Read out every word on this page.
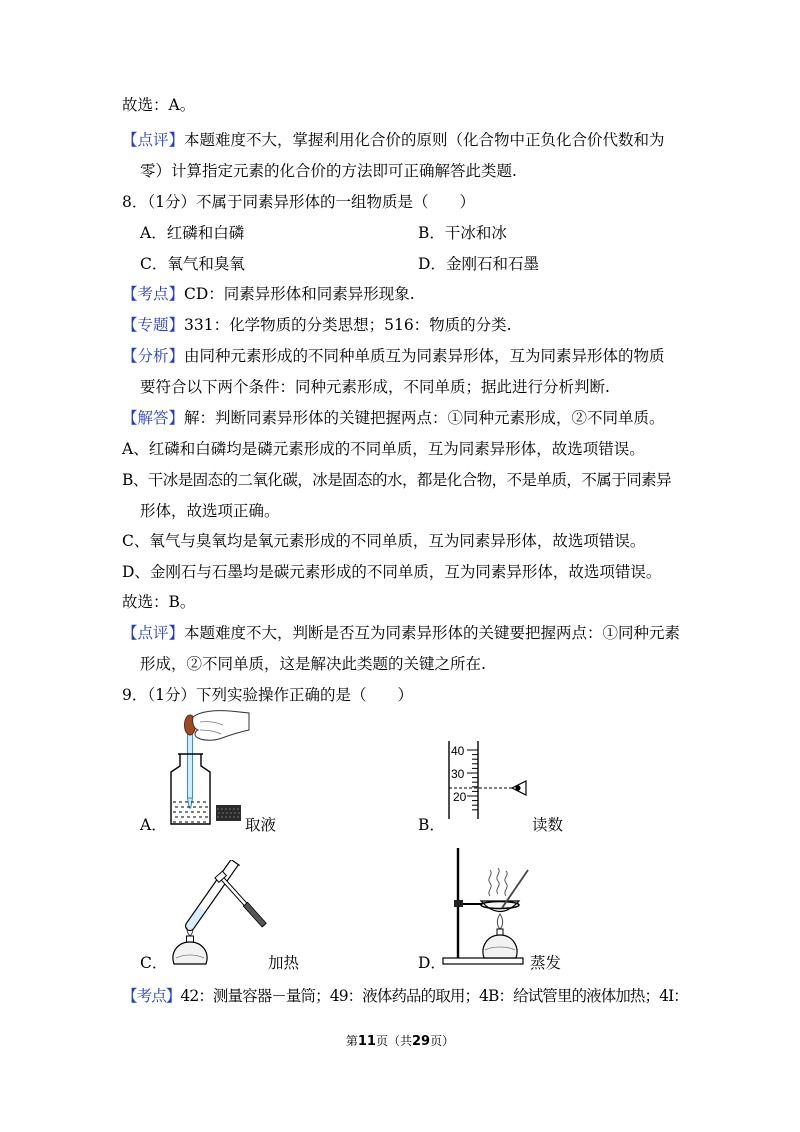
故选：A。
【点评】本题难度不大，掌握利用化合价的原则（化合物中正负化合价代数和为
零）计算指定元素的化合价的方法即可正确解答此类题.
8．（1分）不属于同素异形体的一组物质是（　　）
A．红磷和白磷	B．干冰和冰
C．氧气和臭氧	D．金刚石和石墨
【考点】CD：同素异形体和同素异形现象.
【专题】331：化学物质的分类思想；516：物质的分类.
【分析】由同种元素形成的不同种单质互为同素异形体，互为同素异形体的物质
要符合以下两个条件：同种元素形成，不同单质；据此进行分析判断.
【解答】解：判断同素异形体的关键把握两点：①同种元素形成，②不同单质。
A、红磷和白磷均是磷元素形成的不同单质，互为同素异形体，故选项错误。
B、干冰是固态的二氧化碳，冰是固态的水，都是化合物，不是单质，不属于同素异
形体，故选项正确。
C、氧气与臭氧均是氧元素形成的不同单质，互为同素异形体，故选项错误。
D、金刚石与石墨均是碳元素形成的不同单质，互为同素异形体，故选项错误。
故选：B。
【点评】本题难度不大，判断是否互为同素异形体的关键要把握两点：①同种元素
形成，②不同单质，这是解决此类题的关键之所在.
9．（1分）下列实验操作正确的是（　　）
A．	取液
40
30
20
B．	读数
C．	加热	D．	蒸发
【考点】42：测量容器－量筒；49：液体药品的取用；4B：给试管里的液体加热；4I：
第11页（共29页）
